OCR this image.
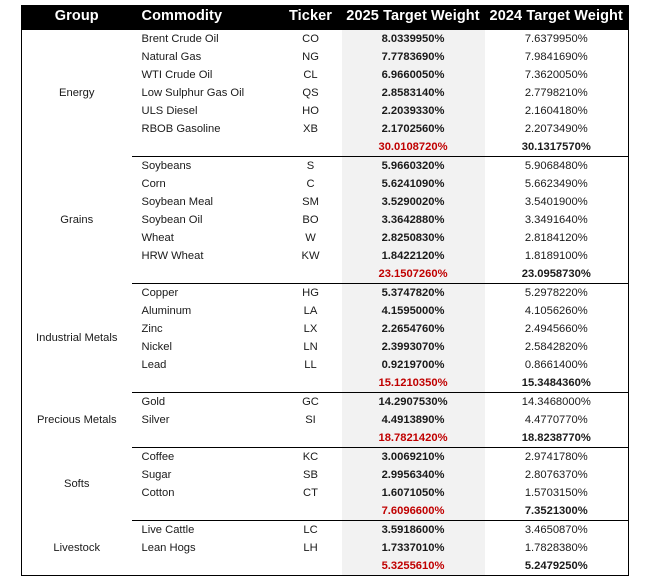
Group	Commodity	Ticker	2025 Target Weight	2024 Target Weight
Energy	Brent Crude Oil	CO	8.0339950%	7.6379950%
	Natural Gas	NG	7.7783690%	7.9841690%
	WTI Crude Oil	CL	6.9660050%	7.3620050%
	Low Sulphur Gas Oil	QS	2.8583140%	2.7798210%
	ULS Diesel	HO	2.2039330%	2.1604180%
	RBOB Gasoline	XB	2.1702560%	2.2073490%
			30.0108720%	30.1317570%
Grains	Soybeans	S	5.9660320%	5.9068480%
	Corn	C	5.6241090%	5.6623490%
	Soybean Meal	SM	3.5290020%	3.5401900%
	Soybean Oil	BO	3.3642880%	3.3491640%
	Wheat	W	2.8250830%	2.8184120%
	HRW Wheat	KW	1.8422120%	1.8189100%
			23.1507260%	23.0958730%
Industrial Metals	Copper	HG	5.3747820%	5.2978220%
	Aluminum	LA	4.1595000%	4.1056260%
	Zinc	LX	2.2654760%	2.4945660%
	Nickel	LN	2.3993070%	2.5842820%
	Lead	LL	0.9219700%	0.8661400%
			15.1210350%	15.3484360%
Precious Metals	Gold	GC	14.2907530%	14.3468000%
	Silver	SI	4.4913890%	4.4770770%
			18.7821420%	18.8238770%
Softs	Coffee	KC	3.0069210%	2.9741780%
	Sugar	SB	2.9956340%	2.8076370%
	Cotton	CT	1.6071050%	1.5703150%
			7.6096600%	7.3521300%
Livestock	Live Cattle	LC	3.5918600%	3.4650870%
	Lean Hogs	LH	1.7337010%	1.7828380%
			5.3255610%	5.2479250%
